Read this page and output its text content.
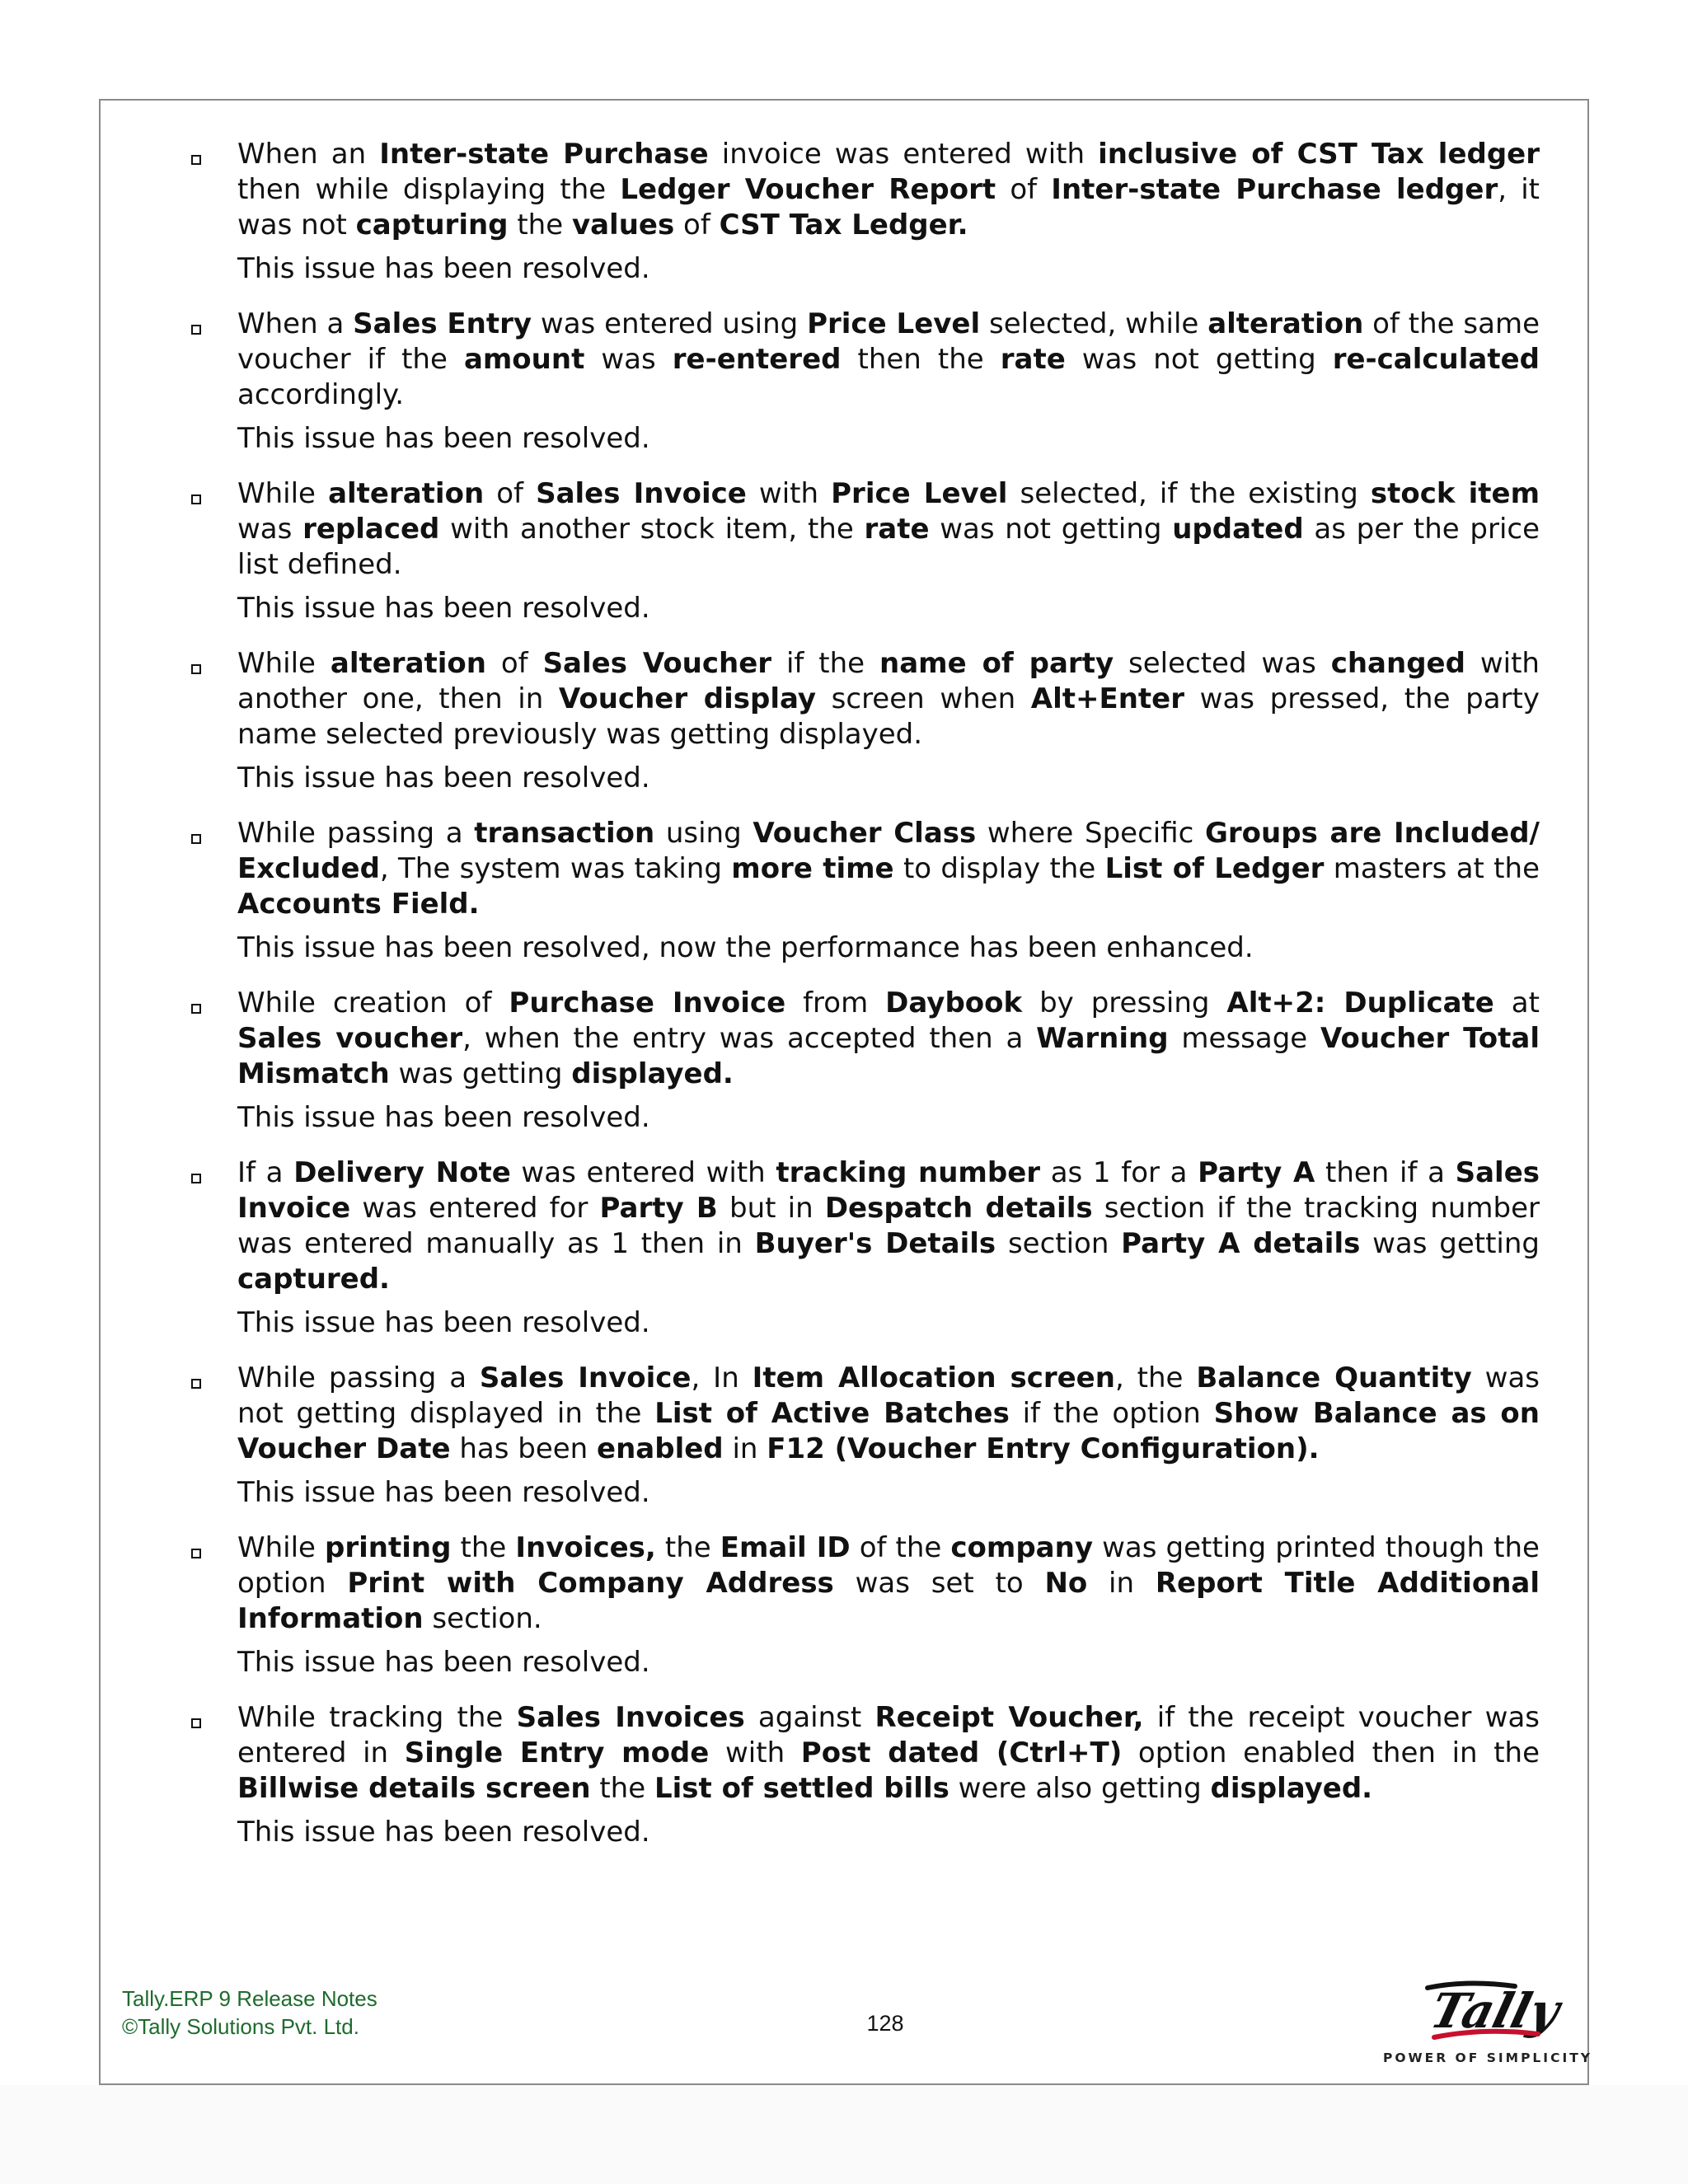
When an Inter-state Purchase invoice was entered with inclusive of CST Tax ledger then while displaying the Ledger Voucher Report of Inter-state Purchase ledger, it was not capturing the values of CST Tax Ledger.

This issue has been resolved.

When a Sales Entry was entered using Price Level selected, while alteration of the same voucher if the amount was re-entered then the rate was not getting re-calculated accordingly.

This issue has been resolved.

While alteration of Sales Invoice with Price Level selected, if the existing stock item was replaced with another stock item, the rate was not getting updated as per the price list defined.

This issue has been resolved.

While alteration of Sales Voucher if the name of party selected was changed with another one, then in Voucher display screen when Alt+Enter was pressed, the party name selected previously was getting displayed.

This issue has been resolved.

While passing a transaction using Voucher Class where Specific Groups are Included/ Excluded, The system was taking more time to display the List of Ledger masters at the Accounts Field.

This issue has been resolved, now the performance has been enhanced.

While creation of Purchase Invoice from Daybook by pressing Alt+2: Duplicate at Sales voucher, when the entry was accepted then a Warning message Voucher Total Mismatch was getting displayed.

This issue has been resolved.

If a Delivery Note was entered with tracking number as 1 for a Party A then if a Sales Invoice was entered for Party B but in Despatch details section if the tracking number was entered manually as 1 then in Buyer's Details section Party A details was getting captured.

This issue has been resolved.

While passing a Sales Invoice, In Item Allocation screen, the Balance Quantity was not getting displayed in the List of Active Batches if the option Show Balance as on Voucher Date has been enabled in F12 (Voucher Entry Configuration).

This issue has been resolved.

While printing the Invoices, the Email ID of the company was getting printed though the option Print with Company Address was set to No in Report Title Additional Information section.

This issue has been resolved.

While tracking the Sales Invoices against Receipt Voucher, if the receipt voucher was entered in Single Entry mode with Post dated (Ctrl+T) option enabled then in the Billwise details screen the List of settled bills were also getting displayed.

This issue has been resolved.

Tally.ERP 9 Release Notes
©Tally Solutions Pvt. Ltd.	128	Tally
POWER OF SIMPLICITY
